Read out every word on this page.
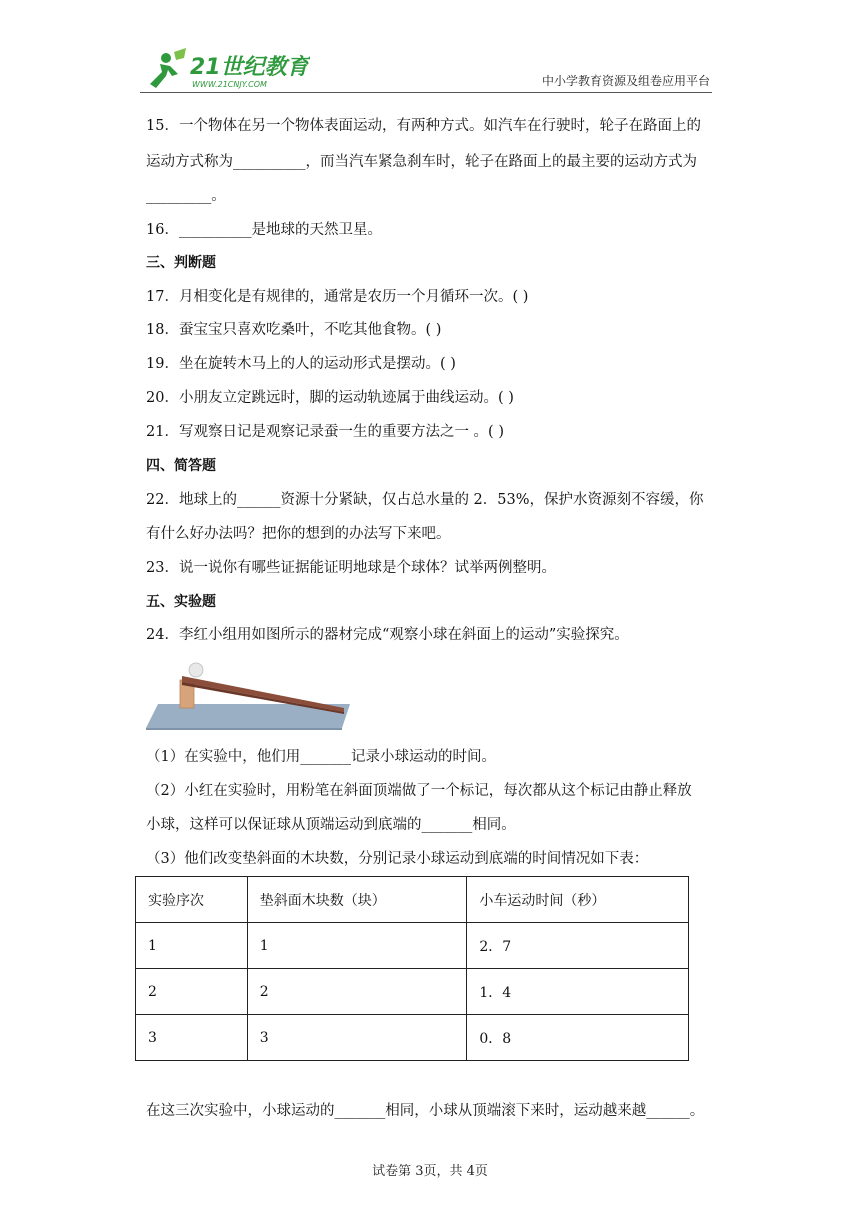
21世纪教育
WWW.21CNJY.COM	中小学教育资源及组卷应用平台
15．一个物体在另一个物体表面运动，有两种方式。如汽车在行驶时，轮子在路面上的
运动方式称为__________，而当汽车紧急刹车时，轮子在路面上的最主要的运动方式为
_________。
16．__________是地球的天然卫星。
三、判断题
17．月相变化是有规律的，通常是农历一个月循环一次。( )
18．蚕宝宝只喜欢吃桑叶，不吃其他食物。( )
19．坐在旋转木马上的人的运动形式是摆动。( )
20．小朋友立定跳远时，脚的运动轨迹属于曲线运动。( )
21．写观察日记是观察记录蚕一生的重要方法之一 。( )
四、简答题
22．地球上的______资源十分紧缺，仅占总水量的 2．53%，保护水资源刻不容缓，你
有什么好办法吗？把你的想到的办法写下来吧。
23．说一说你有哪些证据能证明地球是个球体？试举两例整明。
五、实验题
24．李红小组用如图所示的器材完成“观察小球在斜面上的运动”实验探究。
（1）在实验中，他们用_______记录小球运动的时间。
（2）小红在实验时，用粉笔在斜面顶端做了一个标记，每次都从这个标记由静止释放
小球，这样可以保证球从顶端运动到底端的_______相同。
（3）他们改变垫斜面的木块数，分别记录小球运动到底端的时间情况如下表：
实验序次	垫斜面木块数（块）	小车运动时间（秒）
1	1	2．7
2	2	1．4
3	3	0．8
在这三次实验中，小球运动的_______相同，小球从顶端滚下来时，运动越来越______。
试卷第 3页，共 4页
